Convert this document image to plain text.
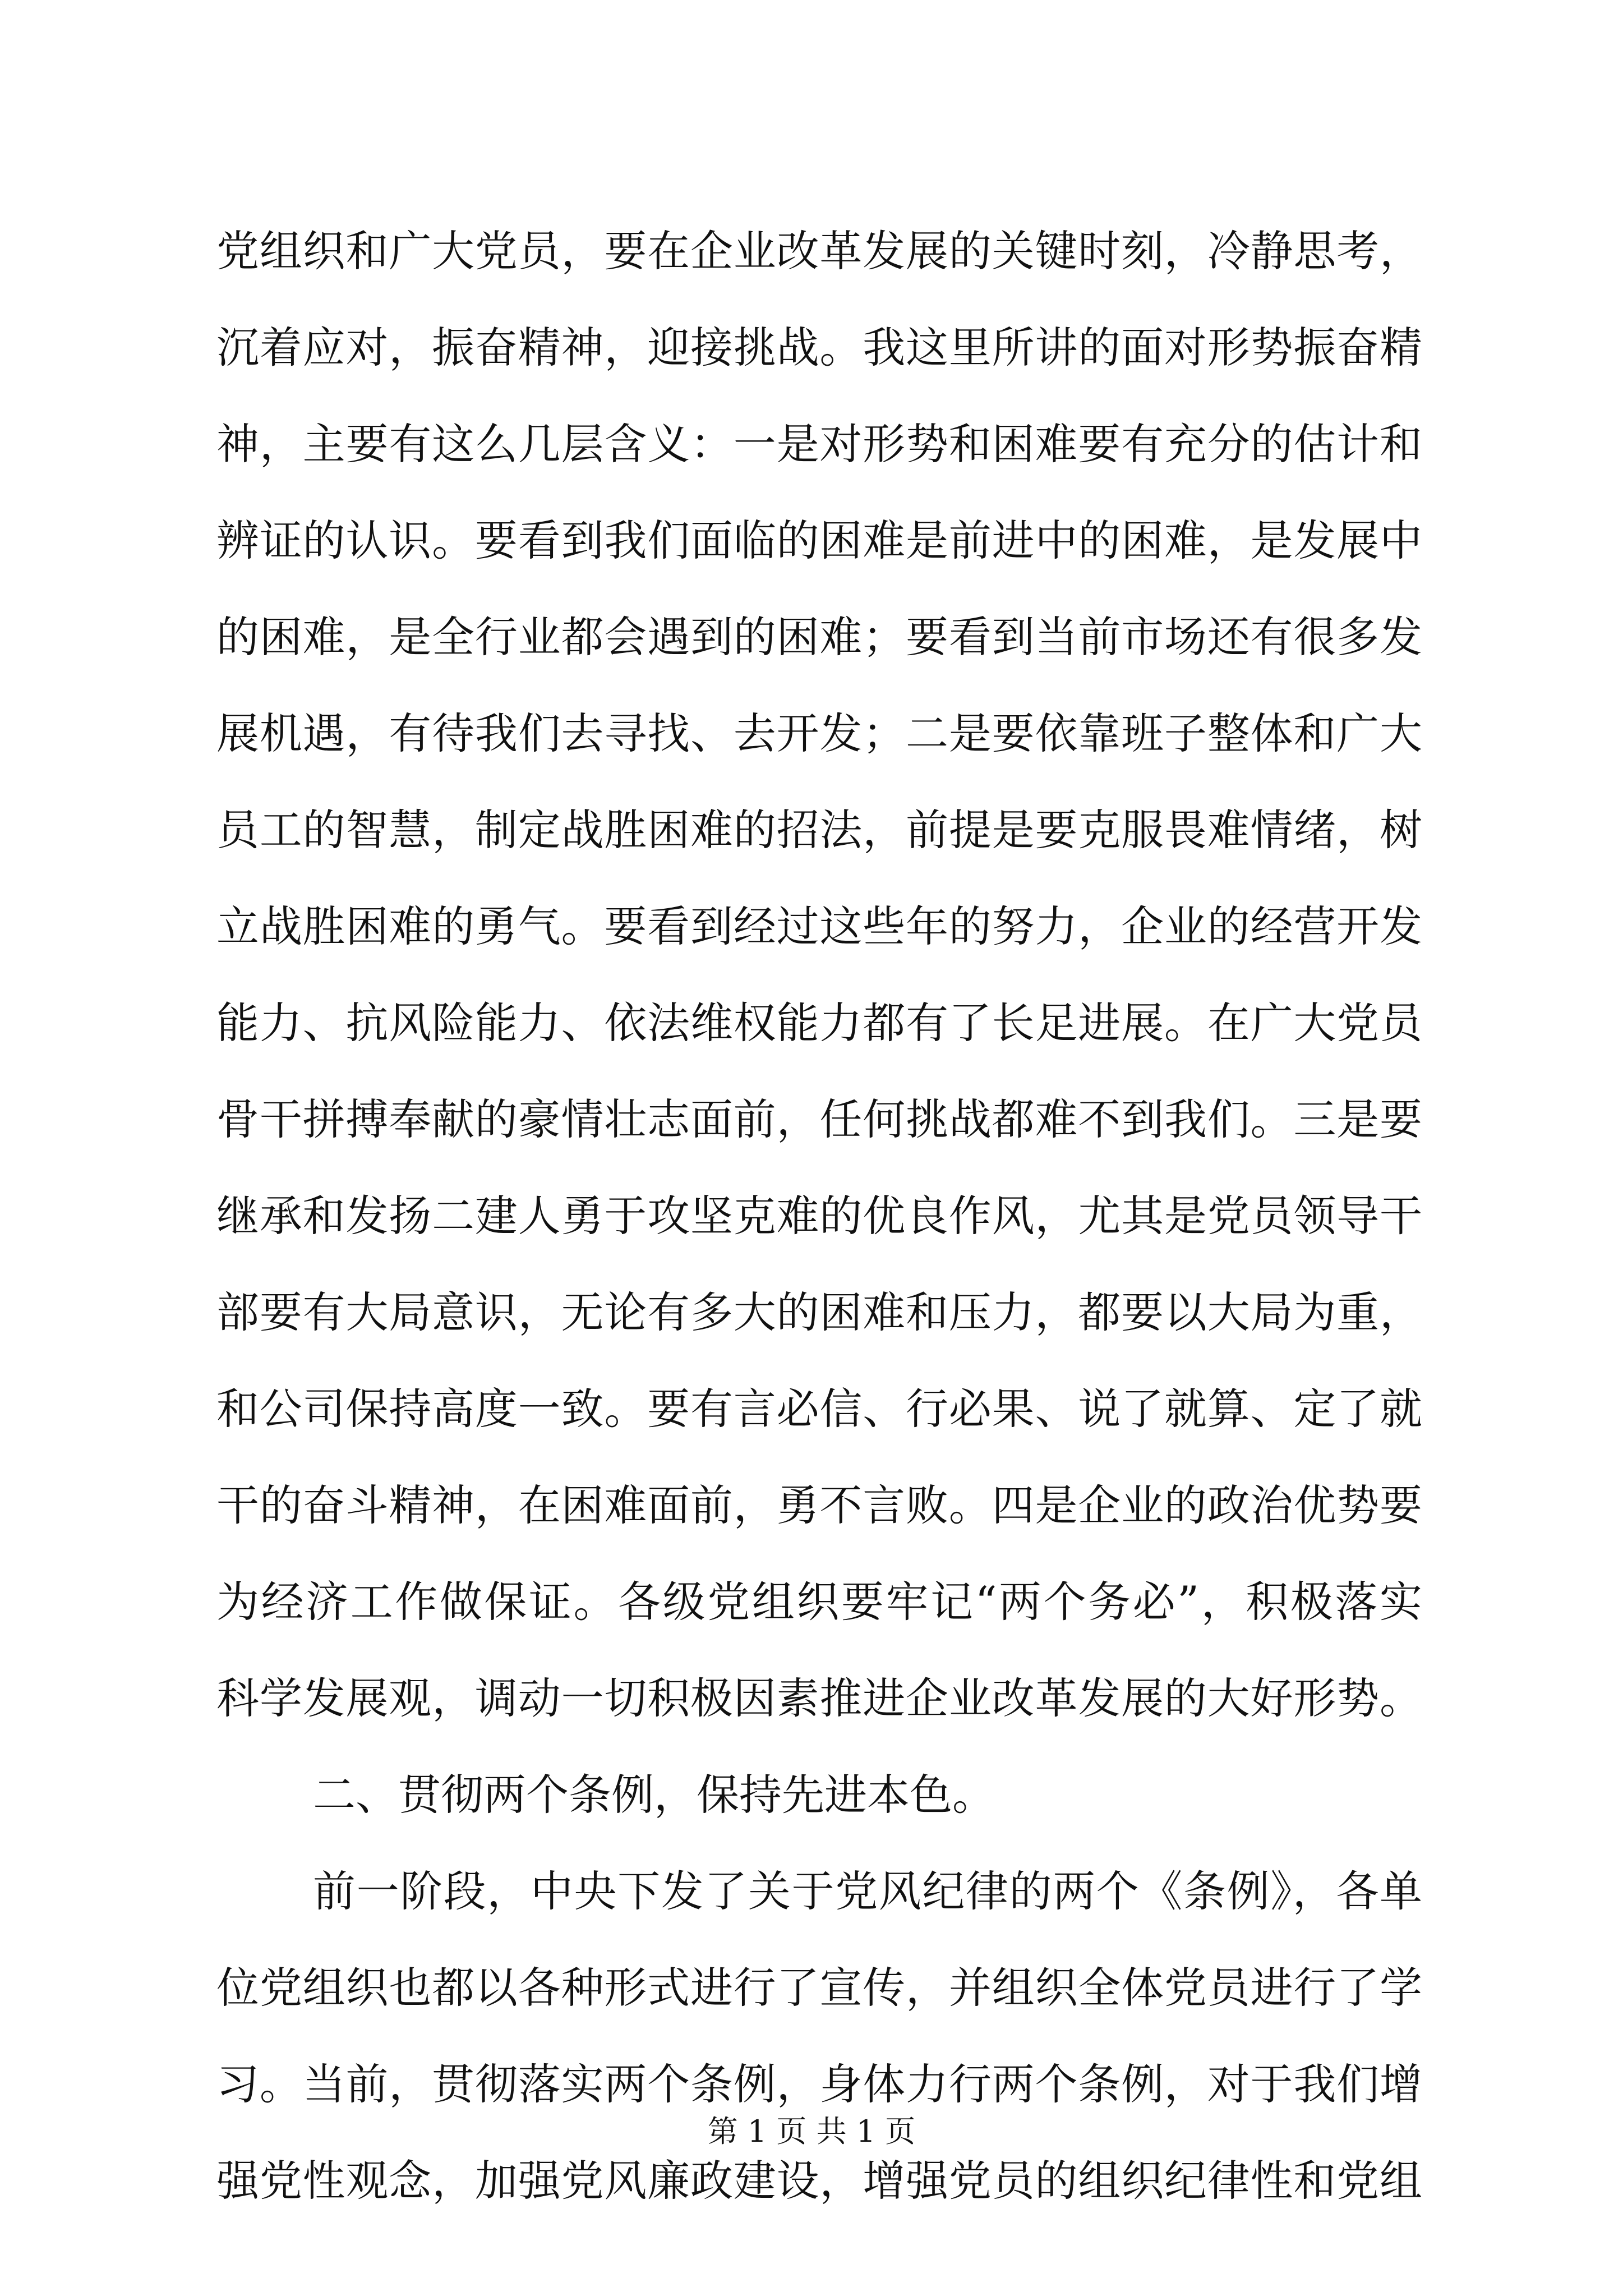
党组织和广大党员，要在企业改革发展的关键时刻，冷静思考，
沉着应对，振奋精神，迎接挑战。我这里所讲的面对形势振奋精
神，主要有这么几层含义：一是对形势和困难要有充分的估计和
辨证的认识。要看到我们面临的困难是前进中的困难，是发展中
的困难，是全行业都会遇到的困难；要看到当前市场还有很多发
展机遇，有待我们去寻找、去开发；二是要依靠班子整体和广大
员工的智慧，制定战胜困难的招法，前提是要克服畏难情绪，树
立战胜困难的勇气。要看到经过这些年的努力，企业的经营开发
能力、抗风险能力、依法维权能力都有了长足进展。在广大党员
骨干拼搏奉献的豪情壮志面前，任何挑战都难不到我们。三是要
继承和发扬二建人勇于攻坚克难的优良作风，尤其是党员领导干
部要有大局意识，无论有多大的困难和压力，都要以大局为重，
和公司保持高度一致。要有言必信、行必果、说了就算、定了就
干的奋斗精神，在困难面前，勇不言败。四是企业的政治优势要
为经济工作做保证。各级党组织要牢记“两个务必”，积极落实
科学发展观，调动一切积极因素推进企业改革发展的大好形势。
二、贯彻两个条例，保持先进本色。
前一阶段，中央下发了关于党风纪律的两个《条例》，各单
位党组织也都以各种形式进行了宣传，并组织全体党员进行了学
习。当前，贯彻落实两个条例，身体力行两个条例，对于我们增
强党性观念，加强党风廉政建设，增强党员的组织纪律性和党组
第 1 页 共 1 页
